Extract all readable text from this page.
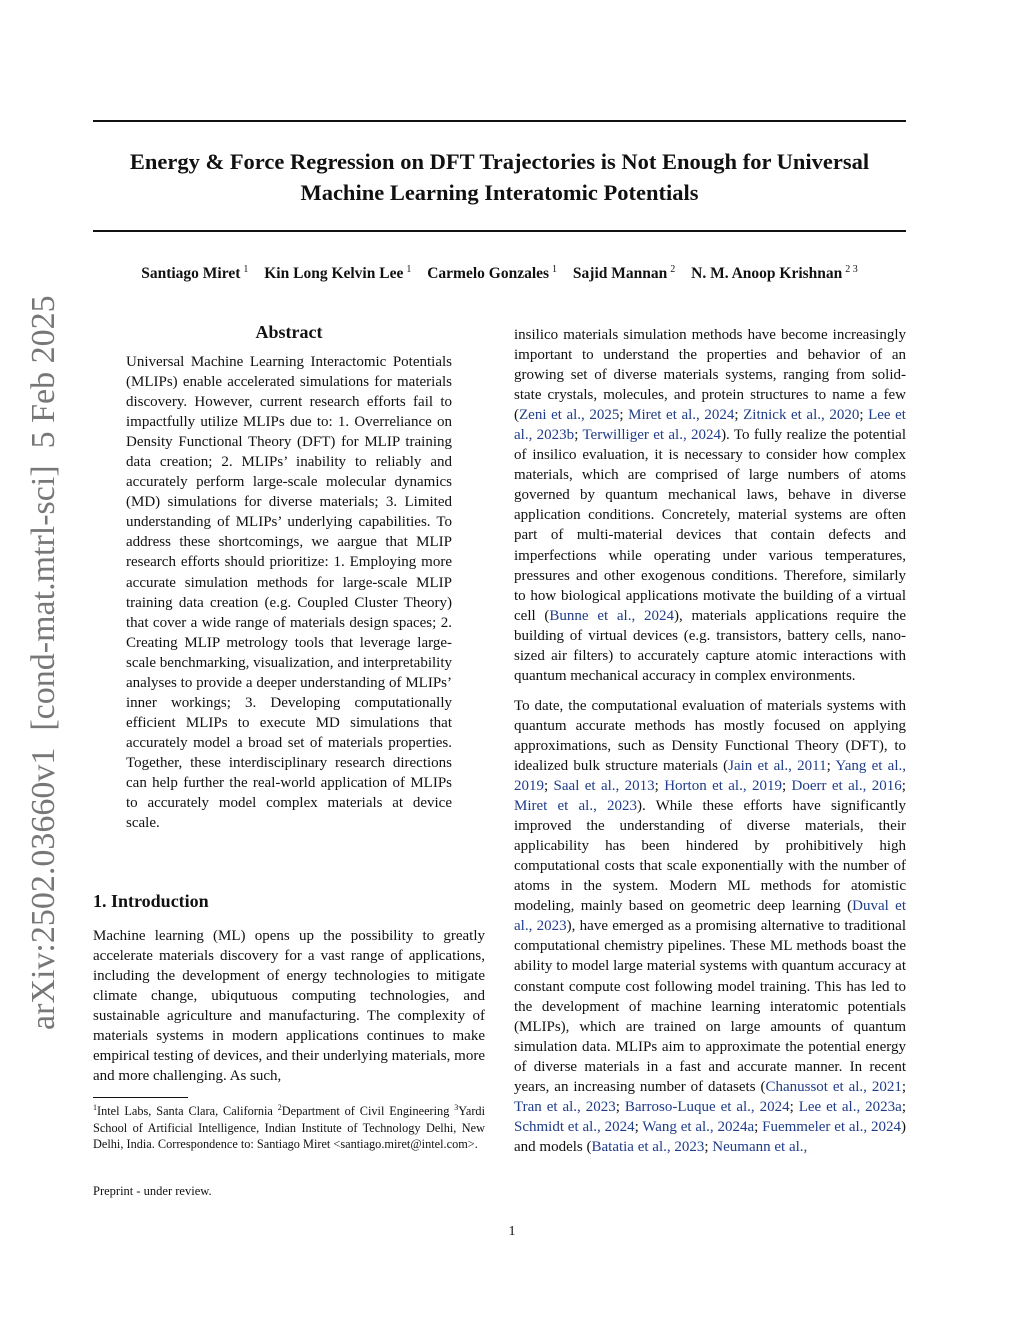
arXiv:2502.03660v1  [cond-mat.mtrl-sci]  5 Feb 2025
Energy & Force Regression on DFT Trajectories is Not Enough for Universal
Machine Learning Interatomic Potentials
Santiago Miret $^1$ Kin Long Kelvin Lee $^1$ Carmelo Gonzales $^1$ Sajid Mannan $^2$ N. M. Anoop Krishnan $^{2 3}$
Abstract
Universal Machine Learning Interactomic Potentials (MLIPs) enable accelerated simulations for materials discovery. However, current research efforts fail to impactfully utilize MLIPs due to: 1. Overreliance on Density Functional Theory (DFT) for MLIP training data creation; 2. MLIPs’ inability to reliably and accurately perform large-scale molecular dynamics (MD) simulations for diverse materials; 3. Limited understanding of MLIPs’ underlying capabilities. To address these shortcomings, we aargue that MLIP research efforts should prioritize: 1. Employing more accurate simulation methods for large-scale MLIP training data creation (e.g. Coupled Cluster Theory) that cover a wide range of materials design spaces; 2. Creating MLIP metrology tools that leverage large-scale benchmarking, visualization, and interpretability analyses to provide a deeper understanding of MLIPs’ inner workings; 3. Developing computationally efficient MLIPs to execute MD simulations that accurately model a broad set of materials properties. Together, these interdisciplinary research directions can help further the real-world application of MLIPs to accurately model complex materials at device scale.
1. Introduction
Machine learning (ML) opens up the possibility to greatly accelerate materials discovery for a vast range of applications, including the development of energy technologies to mitigate climate change, ubiqutuous computing technologies, and sustainable agriculture and manufacturing. The complexity of materials systems in modern applications continues to make empirical testing of devices, and their underlying materials, more and more challenging. As such,
$^1$Intel Labs, Santa Clara, California $^2$Department of Civil Engineering $^3$Yardi School of Artificial Intelligence, Indian Institute of Technology Delhi, New Delhi, India. Correspondence to: Santiago Miret <santiago.miret@intel.com>.
Preprint - under review.

insilico materials simulation methods have become increasingly important to understand the properties and behavior of an growing set of diverse materials systems, ranging from solid-state crystals, molecules, and protein structures to name a few (Zeni et al., 2025; Miret et al., 2024; Zitnick et al., 2020; Lee et al., 2023b; Terwilliger et al., 2024). To fully realize the potential of insilico evaluation, it is necessary to consider how complex materials, which are comprised of large numbers of atoms governed by quantum mechanical laws, behave in diverse application conditions. Concretely, material systems are often part of multi-material devices that contain defects and imperfections while operating under various temperatures, pressures and other exogenous conditions. Therefore, similarly to how biological applications motivate the building of a virtual cell (Bunne et al., 2024), materials applications require the building of virtual devices (e.g. transistors, battery cells, nano-sized air filters) to accurately capture atomic interactions with quantum mechanical accuracy in complex environments.

To date, the computational evaluation of materials systems with quantum accurate methods has mostly focused on applying approximations, such as Density Functional Theory (DFT), to idealized bulk structure materials (Jain et al., 2011; Yang et al., 2019; Saal et al., 2013; Horton et al., 2019; Doerr et al., 2016; Miret et al., 2023). While these efforts have significantly improved the understanding of diverse materials, their applicability has been hindered by prohibitively high computational costs that scale exponentially with the number of atoms in the system. Modern ML methods for atomistic modeling, mainly based on geometric deep learning (Duval et al., 2023), have emerged as a promising alternative to traditional computational chemistry pipelines. These ML methods boast the ability to model large material systems with quantum accuracy at constant compute cost following model training. This has led to the development of machine learning interatomic potentials (MLIPs), which are trained on large amounts of quantum simulation data. MLIPs aim to approximate the potential energy of diverse materials in a fast and accurate manner. In recent years, an increasing number of datasets (Chanussot et al., 2021; Tran et al., 2023; Barroso-Luque et al., 2024; Lee et al., 2023a; Schmidt et al., 2024; Wang et al., 2024a; Fuemmeler et al., 2024) and models (Batatia et al., 2023; Neumann et al.,

1
